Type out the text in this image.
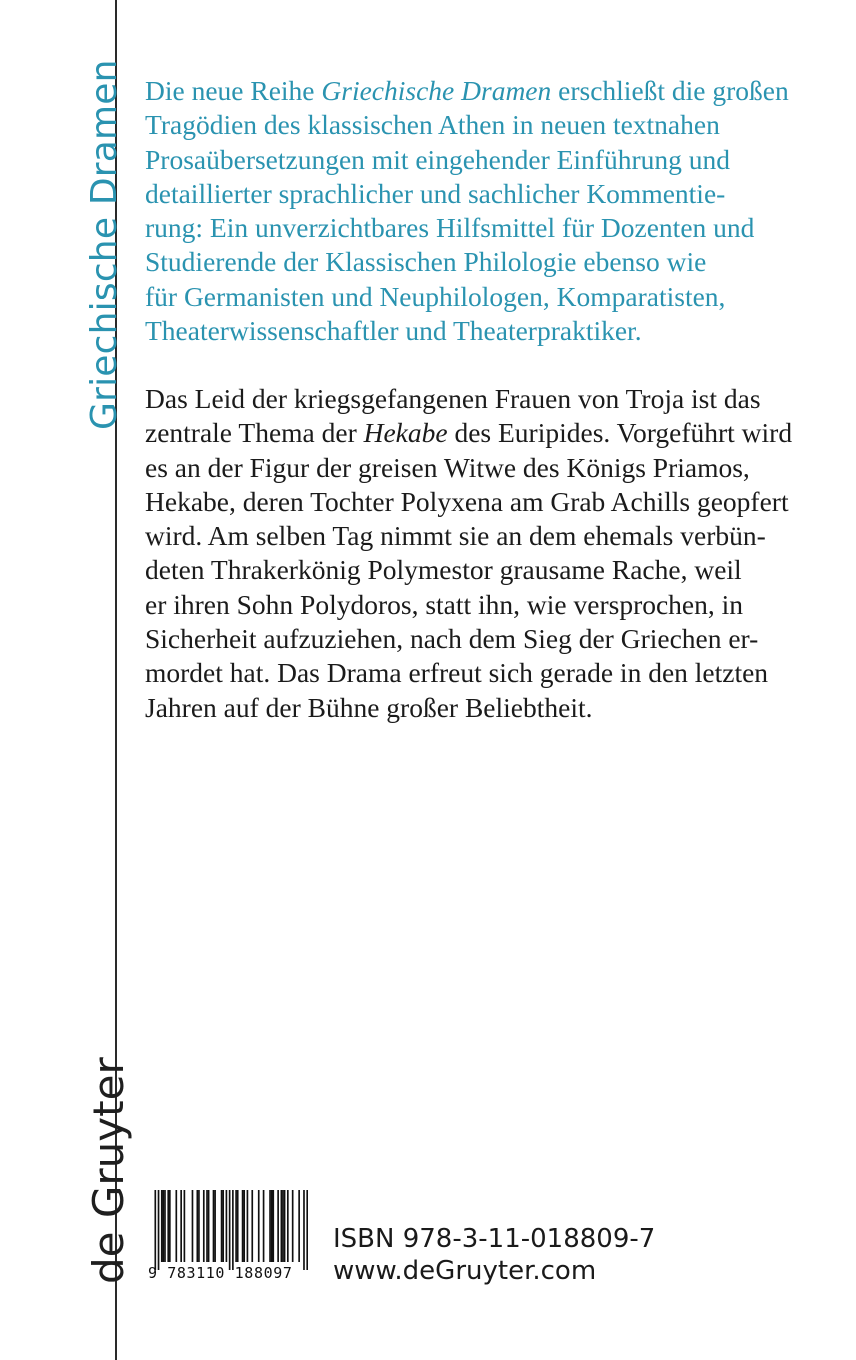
Griechische Dramen
de Gruyter

Die neue Reihe Griechische Dramen erschließt die großen
Tragödien des klassischen Athen in neuen textnahen
Prosaübersetzungen mit eingehender Einführung und
detaillierter sprachlicher und sachlicher Kommentie-
rung: Ein unverzichtbares Hilfsmittel für Dozenten und
Studierende der Klassischen Philologie ebenso wie
für Germanisten und Neuphilologen, Komparatisten,
Theaterwissenschaftler und Theaterpraktiker.

Das Leid der kriegsgefangenen Frauen von Troja ist das
zentrale Thema der Hekabe des Euripides. Vorgeführt wird
es an der Figur der greisen Witwe des Königs Priamos,
Hekabe, deren Tochter Polyxena am Grab Achills geopfert
wird. Am selben Tag nimmt sie an dem ehemals verbün-
deten Thrakerkönig Polymestor grausame Rache, weil
er ihren Sohn Polydoros, statt ihn, wie versprochen, in
Sicherheit aufzuziehen, nach dem Sieg der Griechen er-
mordet hat. Das Drama erfreut sich gerade in den letzten
Jahren auf der Bühne großer Beliebtheit.

9 783110 188097
ISBN 978-3-11-018809-7
www.deGruyter.com
